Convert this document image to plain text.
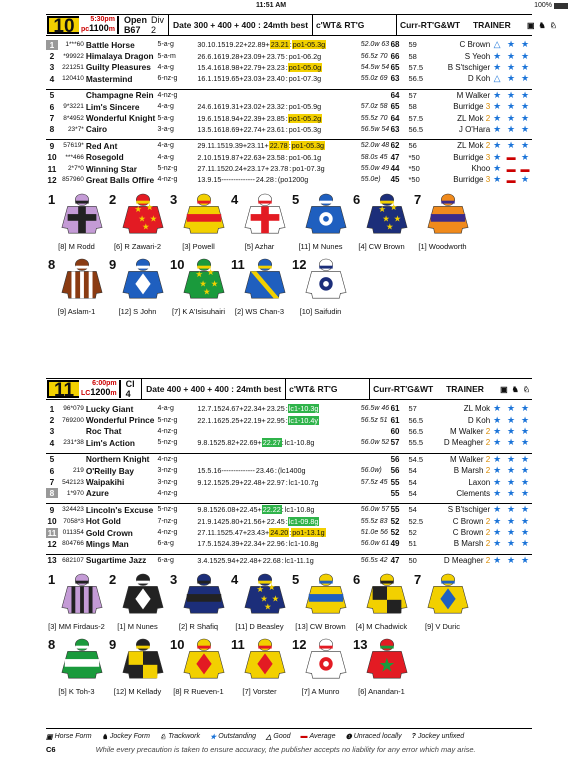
11:51 AM	100%
10	5:30pm
pc1100m
Open B67
Div 2	Date 300 + 400 + 400 : 24mth best c'WT& RT'G	Curr-RT'G&WT	TRAINER	▣ ♞ ♘
1	1***60 Battle Horse	5-a-g	30.10.15 19.22+ 22.89+ 23.21 : po1-05.3g	52.0w 63 68	59	C Brown △ ★ ★
2	*99922 Himalaya Dragon 5-a-m	26.6.16 19.28+ 23.09+ 23.75 : po1-06.2g	56.5z 70 66	58	S Yeoh ★ ★ ★
3	221251 Guilty Pleasures 4-a-g	15.4.16 18.98+ 22.79+ 23.23 : po1-05.0g	54.5w 54 65	57.5	B S'tschiger ★ ★ ★
4	120410 Mastermind	6-nz-g	16.1.15 19.65+ 23.03+ 23.40 : po1-07.3g	55.0z 69 63	56.5	D Koh △ ★ ★
5	Champagne Rein 4-nz-g	64	57	M Walker ★ ★ ★
6	9*3221 Lim's Sincere	4-a-g	24.6.16 19.31+ 23.02+ 23.32 : po1-05.9g	57.0z 58 65	58	Burridge 3 ★ ★ ★
7	8*4952 Wonderful Knight 5-a-g	19.6.15 18.94+ 22.39+ 23.85 : po1-05.2g	55.5z 70 64	57.5	ZL Mok 2 ★ ★ ★
8	23*7* Cairo	3-a-g	13.5.16 18.69+ 22.74+ 23.61 : po1-05.3g	56.5w 54 63	56.5	J O'Hara ★ ★ ★
9	57619* Red Ant	4-a-g	29.11.15 19.39+ 23.11+ 22.78 : po1-05.3g	52.0w 48 62	56	ZL Mok 2 ★ ★ ★
10	***466 Rosegold	4-a-g	2.10.15 19.87+ 22.63+ 23.58 : po1-06.1g	58.0s 45 47	*50	Burridge 3 ★ ▬ ★
11	2*7*0 Winning Star	5-nz-g	27.11.15 20.24+ 23.17+ 23.78 : po1-07.3g	55.0w 49 44	*50	Khoo ★ ▬ ▬
12 857960 Great Balls Offire 4-nz-g	13.9.15 -------- ------ 24.28 : (po1200g	55.0e)	45	*50	Burridge 3 ★ ▬ ★
1
[8] M Rodd
2
★ ★
★ ★
★
[6] R Zawari-2
3
[3] Powell
4
[5] Azhar
5
[11] M Nunes
6
★ ★
★ ★
★
[4] CW Brown
7
[1] Woodworth
8
[9] Aslam-1
9
[12] S John
10
★ ★
★ ★
★
[7] K A'Isisuhairi
11
[2] WS Chan-3
12
[10] Saifudin
11	6:00pm
LC1200m
Cl 4	Date 400 + 400 + 400 : 24mth best c'WT& RT'G	Curr-RT'G&WT	TRAINER	▣ ♞ ♘
1	96*079 Lucky Giant	4-a-g	12.7.15 24.67+ 22.34+ 23.25 : lc1-10.3g	56.5w 46 61	57	ZL Mok ★ ★ ★
2	769200 Wonderful Prince 5-nz-g	22.1.16 25.25+ 22.19+ 22.95 : lc1-10.4y	56.5z 51 61	56.5	D Koh ★ ★ ★
3	Roc That	4-nz-g	60	56.5	M Walker 2 ★ ★ ★
4	231*38 Lim's Action	5-nz-g	9.8.15 25.82+ 22.69+ 22.27 : lc1-10.8g	56.0w 52 57	55.5	D Meagher 2 ★ ★ ★
5	Northern Knight	4-nz-g	56	54.5	M Walker 2 ★ ★ ★
6	219 O'Reilly Bay	3-nz-g	15.5.16 -------- ------ 23.46 : (lc1400g	56.0w)	56	54	B Marsh 2 ★ ★ ★
7	542123 Waipakihi	3-nz-g	9.12.15 25.29+ 22.48+ 22.97 : lc1-10.7g	57.5z 45 55	54	Laxon ★ ★ ★
8	1*970 Azure	4-nz-g	55	54	Clements ★ ★ ★
9	324423 Lincoln's Excuse 5-nz-g	9.8.15 26.08+ 22.45+ 22.22 : lc1-10.8g	56.0w 57 55	54	S B'tschiger ★ ★ ★
10	7058*3 Hot Gold	7-nz-g	21.9.14 25.80+ 21.56+ 22.45 : lc1-09.8g	55.5z 83 52	52.5	C Brown 2 ★ ★ ★
11 011354 Gold Crown	4-nz-g	27.11.15 25.47+ 23.43+ 24.20 : po1-13.1g	51.0e 56 52	52	C Brown 2 ★ ★ ★
12 804766 Mings Man	6-a-g	17.5.15 24.39+ 22.34+ 22.96 : lc1-10.8g	56.0w 61 49	51	B Marsh 2 ★ ★ ★
13 682107 Sugartime Jazz	6-a-g	3.4.15 25.94+ 22.48+ 22.68 : lc1-11.1g	56.5s 42 47	50	D Meagher 2 ★ ★ ★
1
[3] MM Firdaus-2
2
[1] M Nunes
3
[2] R Shafiq
4
★ ★
★ ★
★
[11] D Beasley
5
[13] CW Brown
6
[4] M Chadwick
7
[9] V Duric
8
[5] K Toh-3
9
[12] M Kellady
10
[8] R Rueven-1
11
[7] Vorster
12
[7] A Munro
13
★
[6] Anandan-1
▣ Horse Form ♞ Jockey Form ♘ Trackwork ★ Outstanding △ Good ▬ Average ❶ Unraced locally ? Jockey unfixed
C6	While every precaution is taken to ensure accuracy, the publisher accepts no liability for any error which may arise.
